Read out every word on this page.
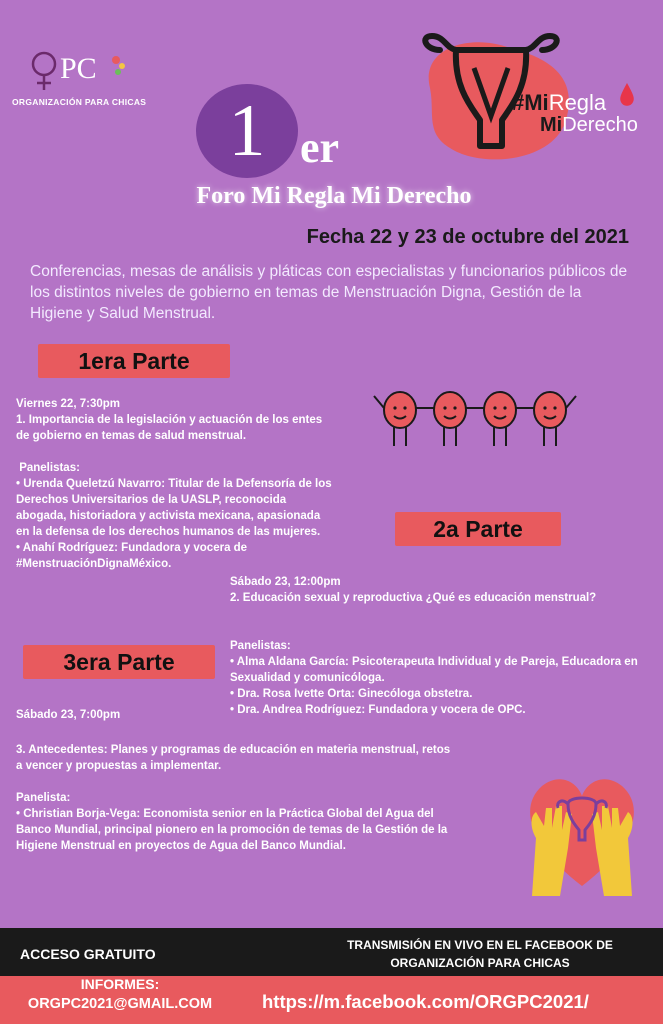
PC
ORGANIZACIÓN PARA CHICAS	#MiRegla
MiDerecho
1 er
Foro Mi Regla Mi Derecho
Fecha 22 y 23 de octubre del 2021
Conferencias, mesas de análisis y pláticas con especialistas y funcionarios públicos de los distintos niveles de gobierno en temas de Menstruación Digna, Gestión de la Higiene y Salud Menstrual.
1era Parte
Viernes 22, 7:30pm
1. Importancia de la legislación y actuación de los entes de gobierno en temas de salud menstrual.
Panelistas:
• Urenda Queletzú Navarro: Titular de la Defensoría de los Derechos Universitarios de la UASLP, reconocida abogada, historiadora y activista mexicana, apasionada en la defensa de los derechos humanos de las mujeres.
• Anahí Rodríguez: Fundadora y vocera de #MenstruaciónDignaMéxico.
2a Parte
Sábado 23, 12:00pm
2. Educación sexual y reproductiva ¿Qué es educación menstrual?
Panelistas:
• Alma Aldana García: Psicoterapeuta Individual y de Pareja, Educadora en Sexualidad y comunicóloga.
• Dra. Rosa Ivette Orta: Ginecóloga obstetra.
• Dra. Andrea Rodríguez: Fundadora y vocera de OPC.
3era Parte
Sábado 23, 7:00pm
3. Antecedentes: Planes y programas de educación en materia menstrual, retos a vencer y propuestas a implementar.
Panelista:
• Christian Borja-Vega: Economista senior en la Práctica Global del Agua del Banco Mundial, principal pionero en la promoción de temas de la Gestión de la Higiene Menstrual en proyectos de Agua del Banco Mundial.
ACCESO GRATUITO
TRANSMISIÓN EN VIVO EN EL FACEBOOK DE ORGANIZACIÓN PARA CHICAS
INFORMES:
ORGPC2021@GMAIL.COM	https://m.facebook.com/ORGPC2021/
